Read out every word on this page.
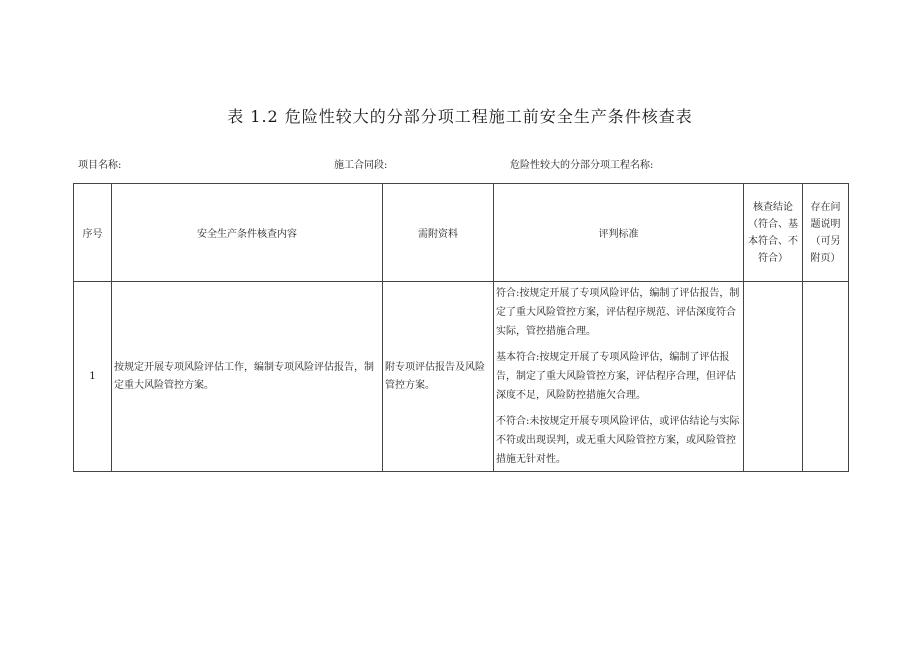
表 1.2 危险性较大的分部分项工程施工前安全生产条件核查表
项目名称:	施工合同段:	危险性较大的分部分项工程名称:
序号	安全生产条件核查内容	需附资料	评判标准	核查结论（符合、基本符合、不符合）	存在问题说明（可另附页）
1	按规定开展专项风险评估工作，编制专项风险评估报告，制定重大风险管控方案。	附专项评估报告及风险管控方案。	符合:按规定开展了专项风险评估，编制了评估报告，制定了重大风险管控方案，评估程序规范、评估深度符合实际，管控措施合理。

基本符合:按规定开展了专项风险评估，编制了评估报告，制定了重大风险管控方案，评估程序合理，但评估深度不足，风险防控措施欠合理。

不符合:未按规定开展专项风险评估，或评估结论与实际不符或出现误判，或无重大风险管控方案，或风险管控措施无针对性。		
